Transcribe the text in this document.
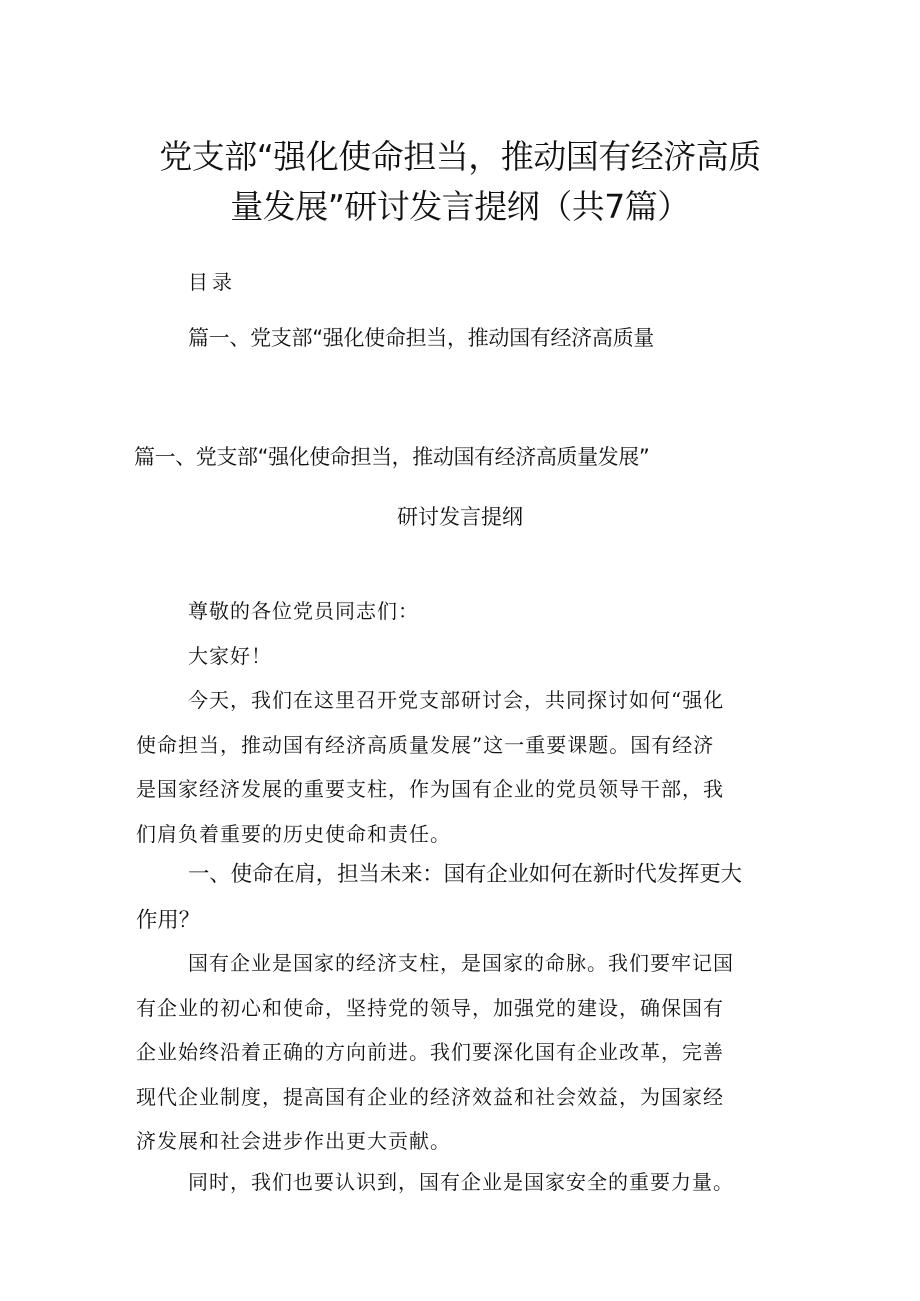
党支部“强化使命担当，推动国有经济高质
量发展”研讨发言提纲（共7篇）
目录
篇一、党支部“强化使命担当，推动国有经济高质量
篇一、党支部“强化使命担当，推动国有经济高质量发展”
研讨发言提纲

尊敬的各位党员同志们：

大家好！

今天，我们在这里召开党支部研讨会，共同探讨如何“强化
使命担当，推动国有经济高质量发展”这一重要课题。国有经济
是国家经济发展的重要支柱，作为国有企业的党员领导干部，我
们肩负着重要的历史使命和责任。

一、使命在肩，担当未来：国有企业如何在新时代发挥更大
作用？

国有企业是国家的经济支柱，是国家的命脉。我们要牢记国
有企业的初心和使命，坚持党的领导，加强党的建设，确保国有
企业始终沿着正确的方向前进。我们要深化国有企业改革，完善
现代企业制度，提高国有企业的经济效益和社会效益，为国家经
济发展和社会进步作出更大贡献。

同时，我们也要认识到，国有企业是国家安全的重要力量。
